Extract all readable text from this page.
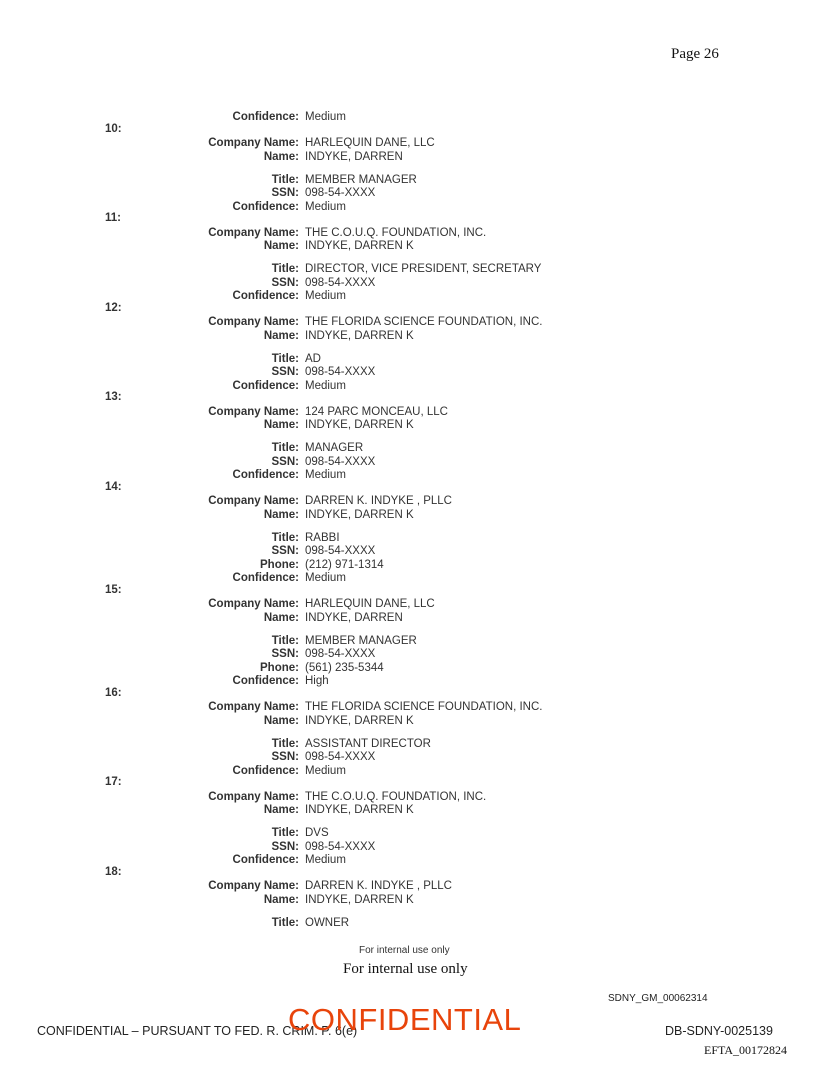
Page 26
Confidence: Medium
10:
Company Name: HARLEQUIN DANE, LLC
Name: INDYKE, DARREN
Title: MEMBER MANAGER
SSN: 098-54-XXXX
Confidence: Medium
11:
Company Name: THE C.O.U.Q. FOUNDATION, INC.
Name: INDYKE, DARREN K
Title: DIRECTOR, VICE PRESIDENT, SECRETARY
SSN: 098-54-XXXX
Confidence: Medium
12:
Company Name: THE FLORIDA SCIENCE FOUNDATION, INC.
Name: INDYKE, DARREN K
Title: AD
SSN: 098-54-XXXX
Confidence: Medium
13:
Company Name: 124 PARC MONCEAU, LLC
Name: INDYKE, DARREN K
Title: MANAGER
SSN: 098-54-XXXX
Confidence: Medium
14:
Company Name: DARREN K. INDYKE , PLLC
Name: INDYKE, DARREN K
Title: RABBI
SSN: 098-54-XXXX
Phone: (212) 971-1314
Confidence: Medium
15:
Company Name: HARLEQUIN DANE, LLC
Name: INDYKE, DARREN
Title: MEMBER MANAGER
SSN: 098-54-XXXX
Phone: (561) 235-5344
Confidence: High
16:
Company Name: THE FLORIDA SCIENCE FOUNDATION, INC.
Name: INDYKE, DARREN K
Title: ASSISTANT DIRECTOR
SSN: 098-54-XXXX
Confidence: Medium
17:
Company Name: THE C.O.U.Q. FOUNDATION, INC.
Name: INDYKE, DARREN K
Title: DVS
SSN: 098-54-XXXX
Confidence: Medium
18:
Company Name: DARREN K. INDYKE , PLLC
Name: INDYKE, DARREN K
Title: OWNER
For internal use only
For internal use only
SDNY_GM_00062314
CONFIDENTIAL – PURSUANT TO FED. R. CRIM. P. 6(e)
CONFIDENTIAL	DB-SDNY-0025139
EFTA_00172824
